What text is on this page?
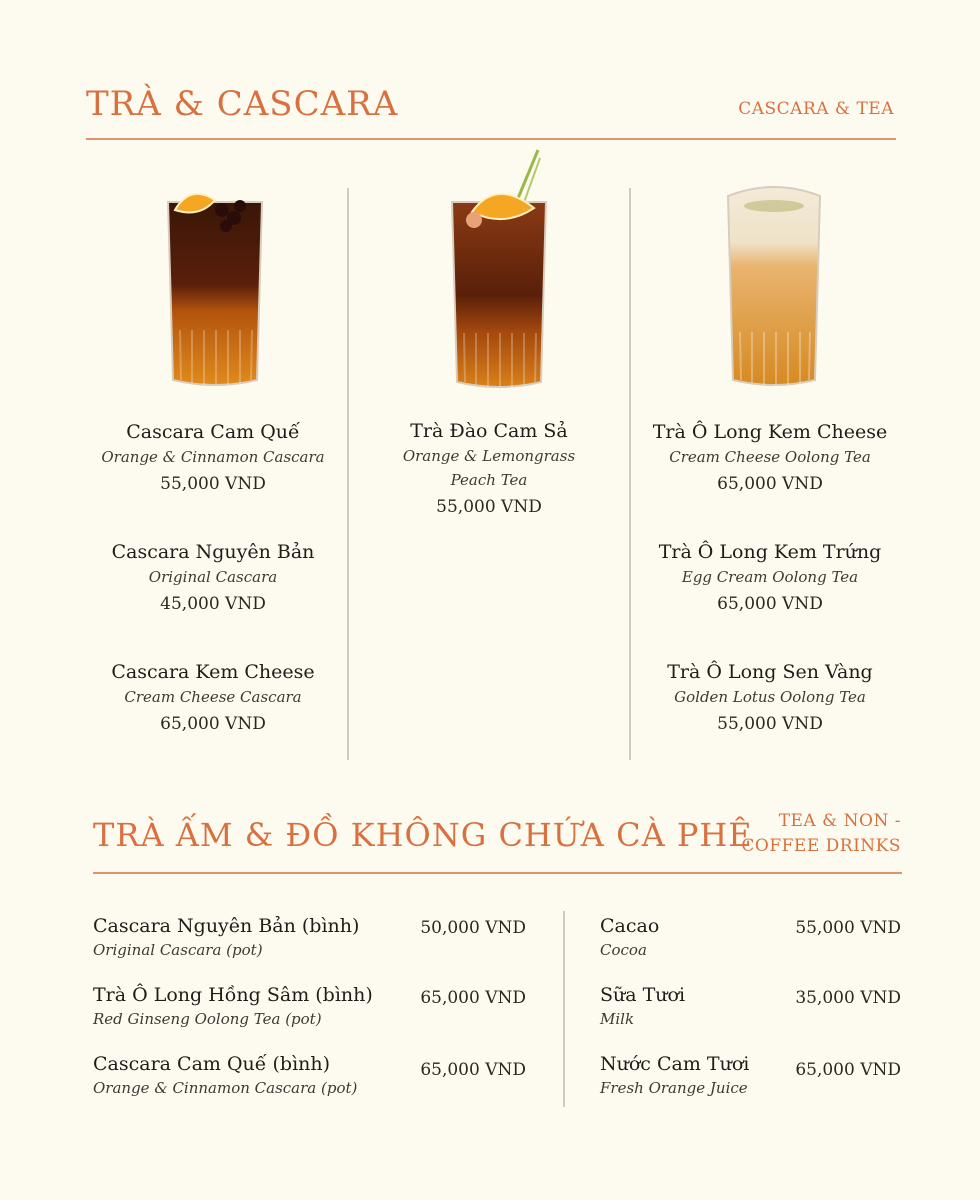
TRÀ & CASCARA	CASCARA & TEA
Cascara Cam Quế
Orange & Cinnamon Cascara
55,000 VND
Cascara Nguyên Bản
Original Cascara
45,000 VND
Cascara Kem Cheese
Cream Cheese Cascara
65,000 VND
Trà Đào Cam Sả
Orange & Lemongrass
Peach Tea
55,000 VND
Trà Ô Long Kem Cheese
Cream Cheese Oolong Tea
65,000 VND
Trà Ô Long Kem Trứng
Egg Cream Oolong Tea
65,000 VND
Trà Ô Long Sen Vàng
Golden Lotus Oolong Tea
55,000 VND
TRÀ ẤM & ĐỒ KHÔNG CHỨA CÀ PHÊ	TEA & NON -
COFFEE DRINKS
Cascara Nguyên Bản (bình)
Original Cascara (pot)
50,000 VND
Trà Ô Long Hồng Sâm (bình)
Red Ginseng Oolong Tea (pot)
65,000 VND
Cascara Cam Quế (bình)
Orange & Cinnamon Cascara (pot)
65,000 VND
Cacao
Cocoa
55,000 VND
Sữa Tươi
Milk
35,000 VND
Nước Cam Tươi
Fresh Orange Juice
65,000 VND
